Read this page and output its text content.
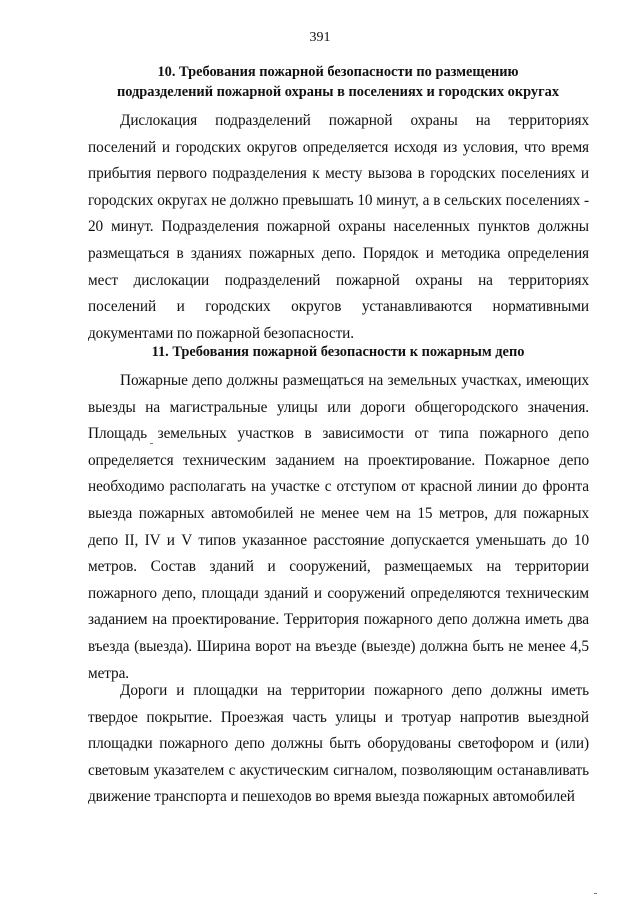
391
10. Требования пожарной безопасности по размещению
подразделений пожарной охраны в поселениях и городских округах

Дислокация подразделений пожарной охраны на территориях поселений и городских округов определяется исходя из условия, что время прибытия первого подразделения к месту вызова в городских поселениях и городских округах не должно превышать 10 минут, а в сельских поселениях - 20 минут. Подразделения пожарной охраны населенных пунктов должны размещаться в зданиях пожарных депо. Порядок и методика определения мест дислокации подразделений пожарной охраны на территориях поселений и городских округов устанавливаются нормативными документами по пожарной безопасности.

11. Требования пожарной безопасности к пожарным депо

Пожарные депо должны размещаться на земельных участках, имеющих выезды на магистральные улицы или дороги общегородского значения. Площадь земельных участков в зависимости от типа пожарного депо определяется техническим заданием на проектирование. Пожарное депо необходимо располагать на участке с отступом от красной линии до фронта выезда пожарных автомобилей не менее чем на 15 метров, для пожарных депо II, IV и V типов указанное расстояние допускается уменьшать до 10 метров. Состав зданий и сооружений, размещаемых на территории пожарного депо, площади зданий и сооружений определяются техническим заданием на проектирование. Территория пожарного депо должна иметь два въезда (выезда). Ширина ворот на въезде (выезде) должна быть не менее 4,5 метра.

Дороги и площадки на территории пожарного депо должны иметь твердое покрытие. Проезжая часть улицы и тротуар напротив выездной площадки пожарного депо должны быть оборудованы светофором и (или) световым указателем с акустическим сигналом, позволяющим останавливать движение транспорта и пешеходов во время выезда пожарных автомобилей
